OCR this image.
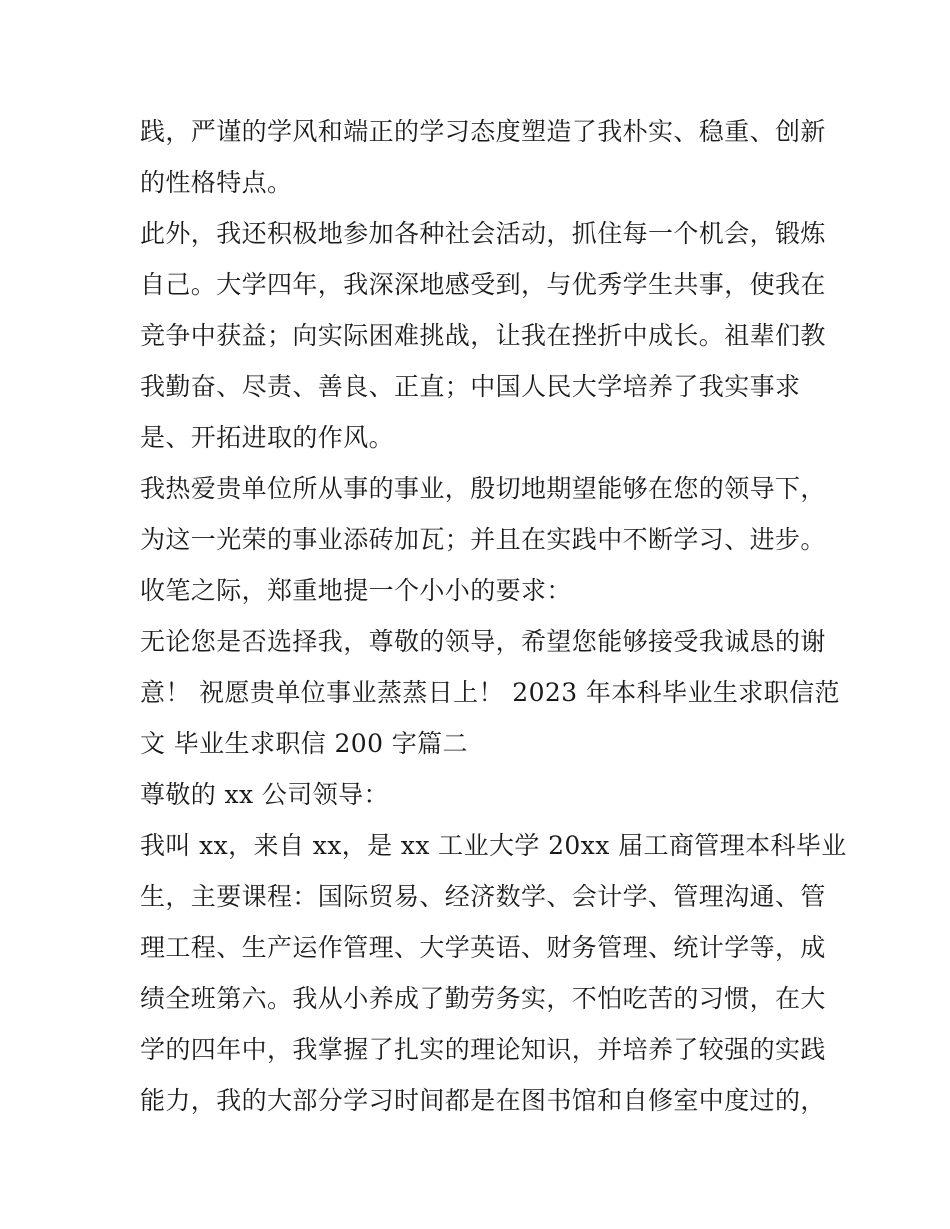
践，严谨的学风和端正的学习态度塑造了我朴实、稳重、创新
的性格特点。
此外，我还积极地参加各种社会活动，抓住每一个机会，锻炼
自己。大学四年，我深深地感受到，与优秀学生共事，使我在
竞争中获益；向实际困难挑战，让我在挫折中成长。祖辈们教
我勤奋、尽责、善良、正直；中国人民大学培养了我实事求
是、开拓进取的作风。
我热爱贵单位所从事的事业，殷切地期望能够在您的领导下，
为这一光荣的事业添砖加瓦；并且在实践中不断学习、进步。
收笔之际，郑重地提一个小小的要求：
无论您是否选择我，尊敬的领导，希望您能够接受我诚恳的谢
意！ 祝愿贵单位事业蒸蒸日上！ 2023 年本科毕业生求职信范
文 毕业生求职信 200 字篇二
尊敬的 xx 公司领导：
我叫 xx，来自 xx，是 xx 工业大学 20xx 届工商管理本科毕业
生，主要课程：国际贸易、经济数学、会计学、管理沟通、管
理工程、生产运作管理、大学英语、财务管理、统计学等，成
绩全班第六。我从小养成了勤劳务实，不怕吃苦的习惯，在大
学的四年中，我掌握了扎实的理论知识，并培养了较强的实践
能力，我的大部分学习时间都是在图书馆和自修室中度过的，
